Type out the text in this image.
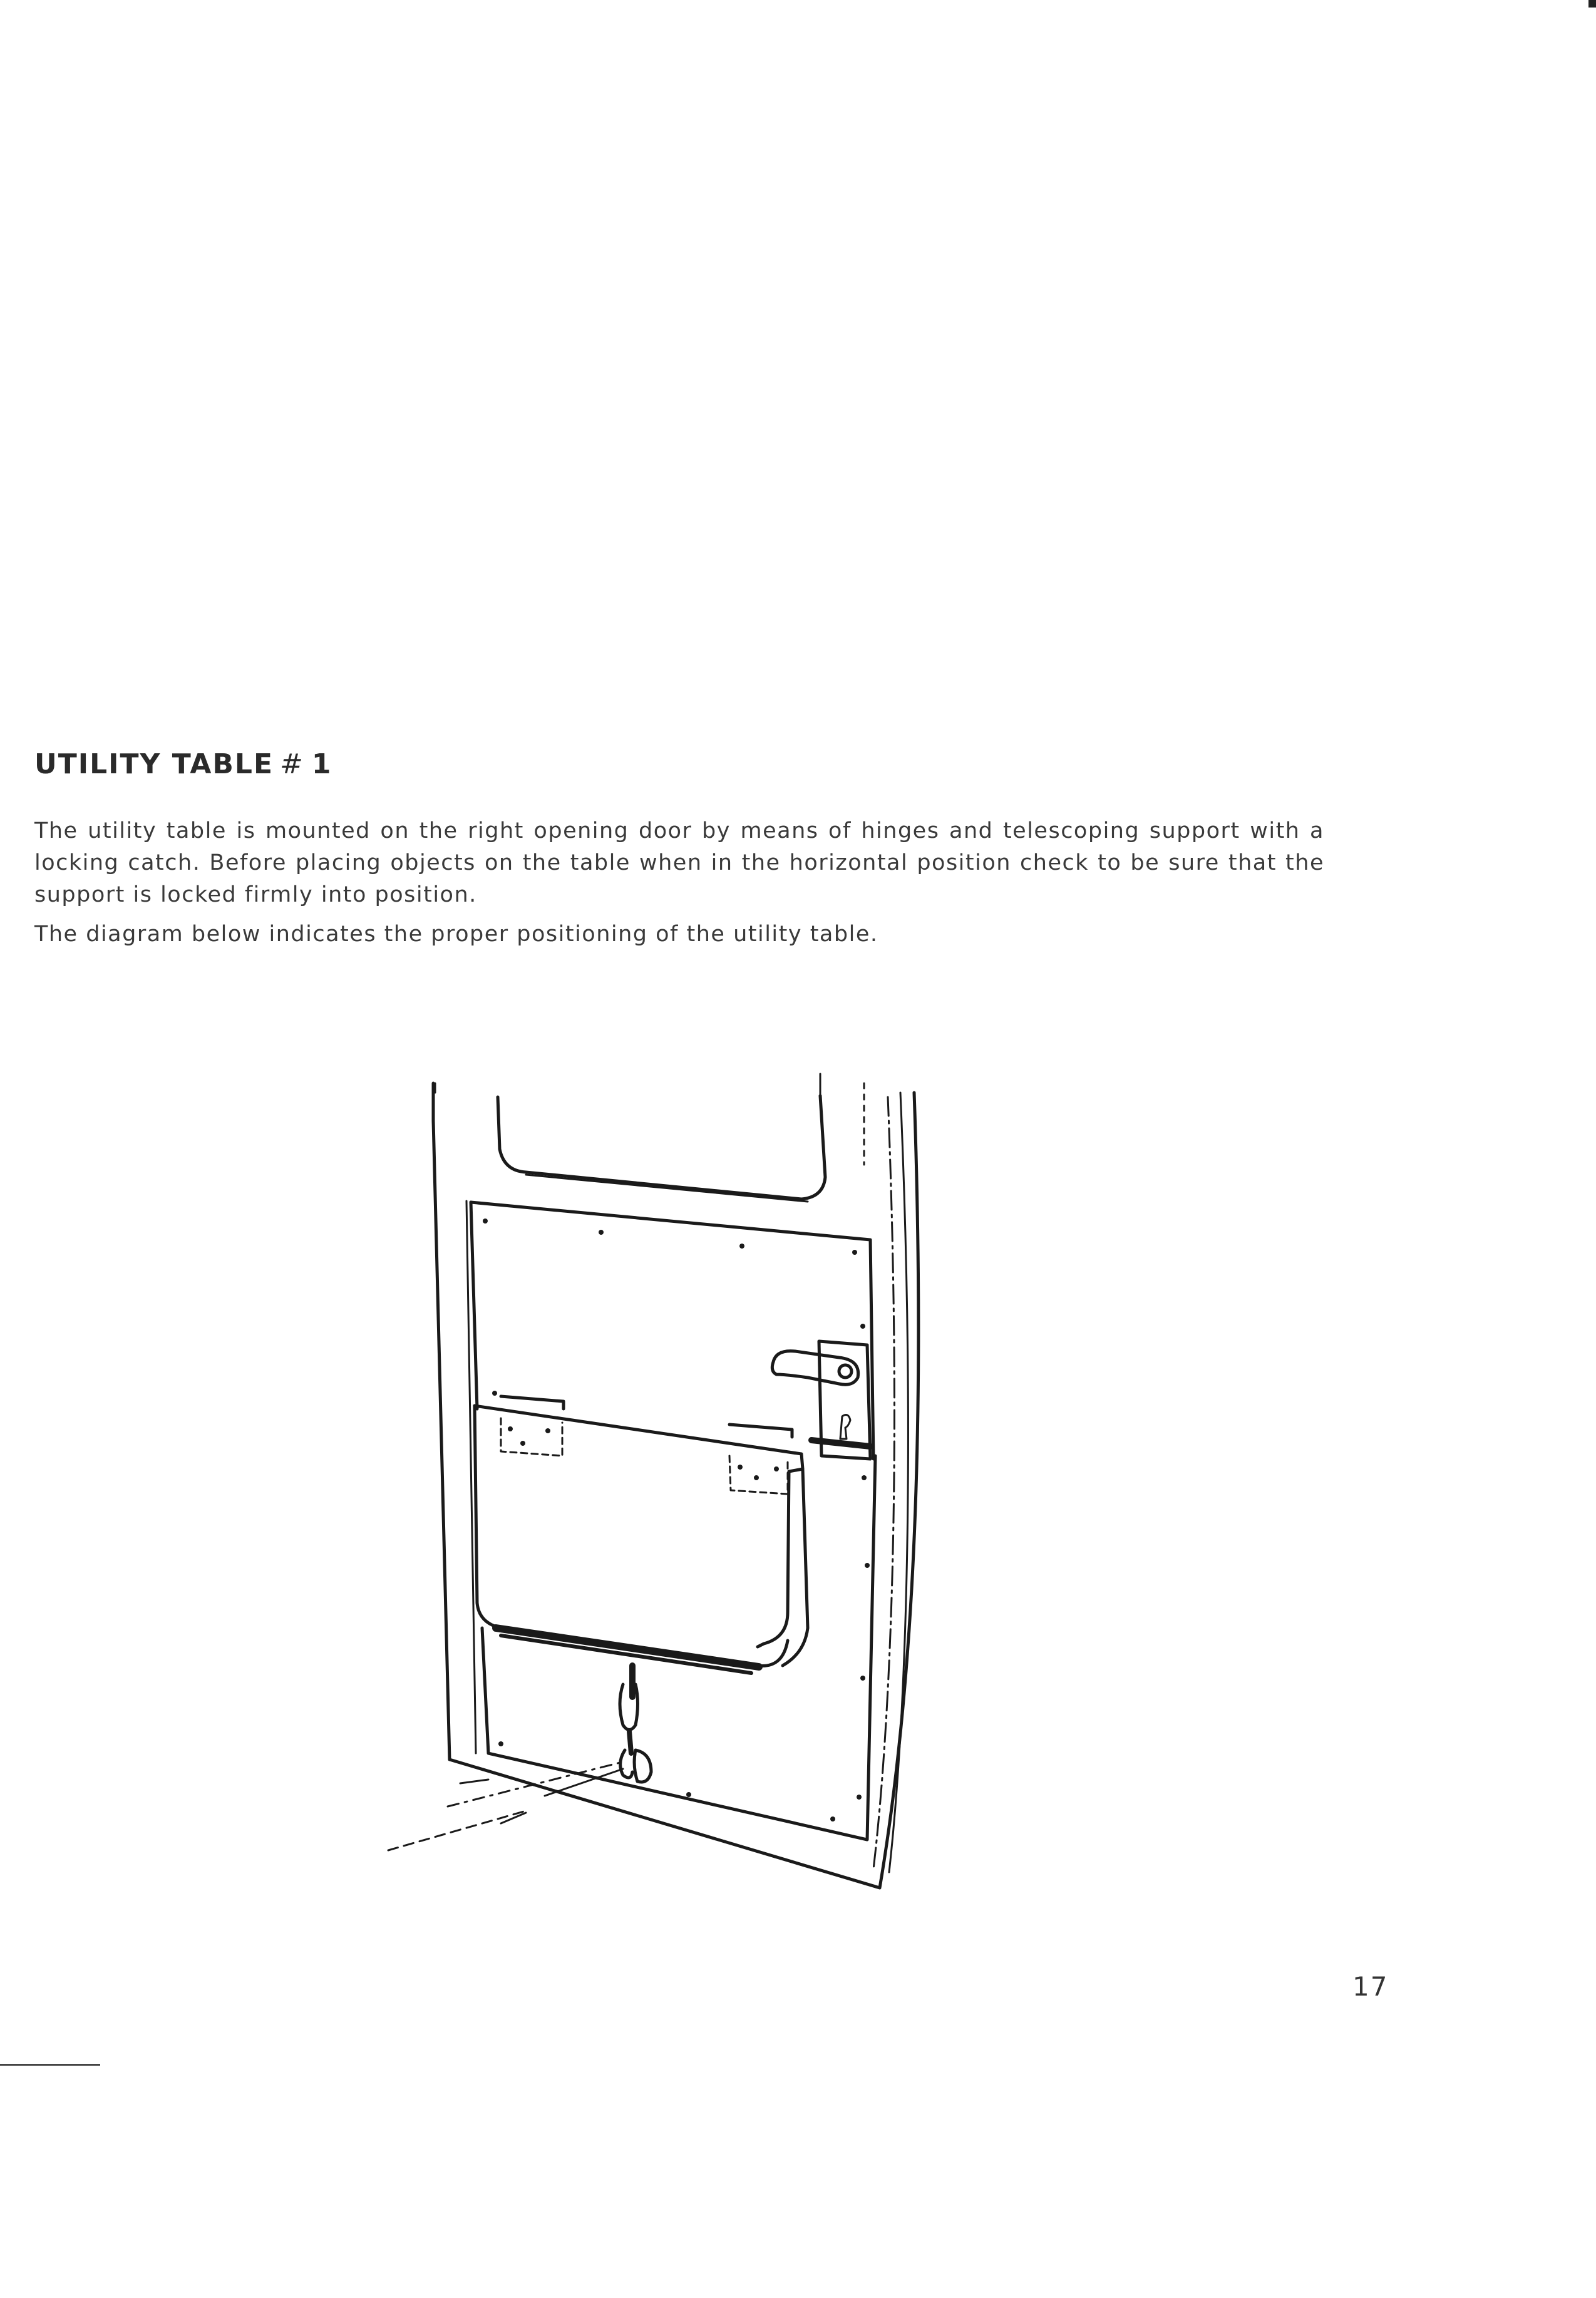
UTILITY TABLE # 1

The utility table is mounted on the right opening door by means of hinges and telescoping support with a locking catch. Before placing objects on the table when in the horizontal position check to be sure that the support is locked firmly into position.

The diagram below indicates the proper positioning of the utility table.

17
